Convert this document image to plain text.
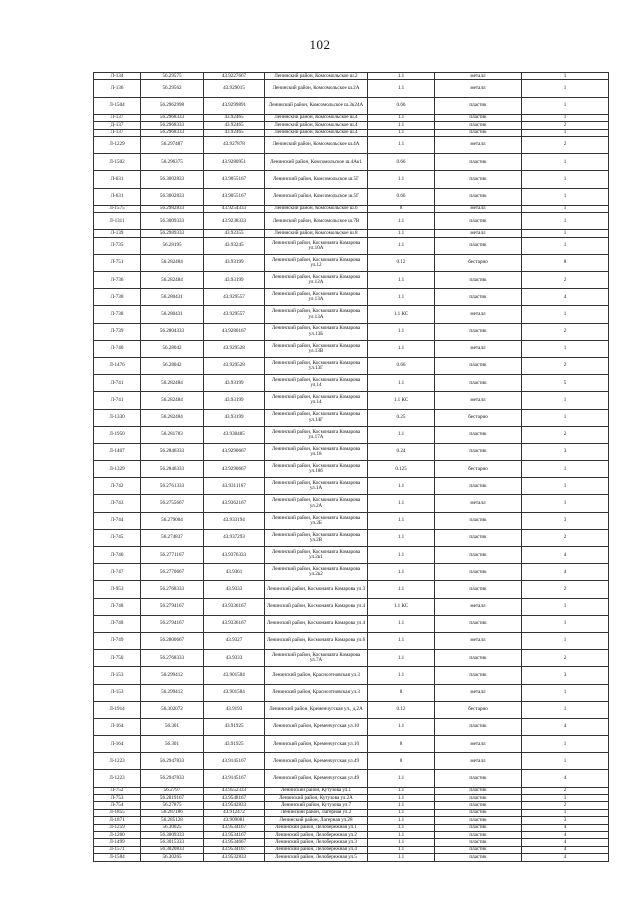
102
Л-134	56.29575	43.9227667	Ленинский район, Комсомольское ш.2	1.1	металл	1
Л-136	56.29562	43.929015	Ленинский район, Комсомольское ш.2А	1.1	металл	1
Л-1504	56.2962998	43.9299891	Ленинский район, Комсомольское ш.3к24А	0.66	пластик	1
Л-137	56.2968333	43.92465	Ленинский район, Комсомольское ш.4	1.1	пластик	1
Д-137	56.2968333	43.92465	Ленинский район, Комсомольское ш.4	1.1	пластик	2
Л-137	56.2968333	43.92465	Ленинский район, Комсомольское ш.4	1.1	пластик	1
Л-1229	56.297487	43.927878	Ленинский район, Комсомольское ш.4А	1.1	металл	2
Л-1502	56.296375	43.9280951	Ленинский район, Комсомольское ш.4Ак1	0.66	пластик	1
Л-631	56.3002833	43.9055167	Ленинский район, Комсомольское ш.5Г	1.1	пластик	1
Л-631	56.3002833	43.9055167	Ленинский район, Комсомольское ш.5Г	0.66	пластик	1
Л-1575	56.2982833	43.9254333	Ленинский район, Комсомольское ш.6	8	металл	1
Л-1311	56.3009333	43.9238333	Ленинский район, Комсомольское ш.7В	1.1	пластик	1
Л-139	56.2989333	43.92355	Ленинский район, Комсомольское ш.8	1.1	металл	1
Л-735	56.28195	43.93245	Ленинский район, Космонавта Комарова ул.10А	1.1	пластик	1
Л-751	56.282484	43.93199	Ленинский район, Космонавта Комарова ул.12	0.12	бестарно	8
Л-736	56.282484	43.93199	Ленинский район, Космонавта Комарова ул.12А	1.1	пластик	2
Л-738	56.280431	43.929557	Ленинский район, Космонавта Комарова ул.13А	1.1	пластик	4
Л-738	56.280431	43.929557	Ленинский район, Космонавта Комарова ул.13А	1.1 КС	металл	1
Л-739	56.2804333	43.9280167	Ленинский район, Космонавта Комарова ул.13Б	1.1	пластик	2
Л-740	56.28042	43.929528	Ленинский район, Космонавта Комарова ул.13В	1.1	металл	1
Л-1476	56.28042	43.929528	Ленинский район, Космонавта Комарова ул.13Г	0.66	пластик	2
Л-741	56.282484	43.93199	Ленинский район, Космонавта Комарова ул.14	1.1	пластик	5
Л-741	56.282484	43.93199	Ленинский район, Космонавта Комарова ул.14	1.1 КС	металл	1
Л-1330	56.282484	43.93199	Ленинский район, Космонавта Комарова ул.14Г	0.25	бестарно	1
Л-1950	56.281783	43.930485	Ленинский район, Космонавта Комарова ул.17А	1.1	пластик	2
Л-1407	56.2846333	43.9290667	Ленинский район, Космонавта Комарова ул.18	0.24	пластик	3
Л-1329	56.2846333	43.9290667	Ленинский район, Космонавта Комарова ул.18б	0.125	бестарно	1
Л-742	56.2761333	43.9311167	Ленинский район, Космонавта Комарова ул.1А	1.1	пластик	1
Л-743	56.2755667	43.9362167	Ленинский район, Космонавта Комарова ул.2А	1.1	металл	1
Л-744	56.279004	43.933194	Ленинский район, Космонавта Комарова ул.2Б	1.1	пластик	3
Л-745	56.274837	43.937293	Ленинский район, Космонавта Комарова ул.2В	1.1	пластик	2
Л-746	56.2771167	43.9376333	Ленинский район, Космонавта Комарова ул.2к1	1.1	пластик	4
Л-747	56.2770667	43.9361	Ленинский район, Космонавта Комарова ул.2к2	1.1	пластик	4
Л-953	56.2768333	43.9333	Ленинский район, Космонавта Комарова ул.3	1.1	пластик	2
Л-748	56.2794167	43.9336167	Ленинский район, Космонавта Комарова ул.4	1.1 КС	металл	1
Л-748	56.2794167	43.9336167	Ленинский район, Космонавта Комарова ул.4	1.1	пластик	1
Л-749	56.2800667	43.9327	Ленинский район, Космонавта Комарова ул.6	1.1	металл	1
Л-750	56.2768333	43.9333	Ленинский район, Космонавта Комарова ул.7А	1.1	пластик	2
Л-153	56.299412	43.901584	Ленинский район, Красноэтновская ул.3	1.1	пластик	3
Л-153	56.299412	43.901584	Ленинский район, Красноэтновская ул.3	8	металл	1
Л-1914	56.302072	43.9193	Ленинский район, Кременчугская ул., д.2А	0.12	бестарно	1
Л-164	56.301	43.91925	Ленинский район, Кременчугская ул.10	1.1	пластик	4
Л-164	56.301	43.91925	Ленинский район, Кременчугская ул.10	8	металл	1
Л-1223	56.2947833	43.9145167	Ленинский район, Кременчугская ул.49	8	металл	1
Л-1223	56.2947833	43.9145167	Ленинский район, Кременчугская ул.49	1.1	пластик	4
Л-752	56.2797	43.9552333	Ленинский район, Кутузова ул.1	1.1	пластик	2
Л-753	56.2819167	43.9548167	Ленинский район, Кутузова ул.2А	1.1	пластик	1
Л-754	56.27875	43.9542833	Ленинский район, Кутузова ул.7	1.1	пластик	2
Л-1855	56.287186	43.912472	Ленинский район, Лагерная ул.2	1.1	пластик	1
Л-1871	56.285128	43.909081	Ленинский район, Лагерная ул.28	1.1	пластик	3
Л-1259	56.30025	43.9534167	Ленинский район, Лелобережная ул.1	1.1	пластик	4
Л-1260	56.3009333	43.9534167	Ленинский район, Лелобережная ул.2	1.1	пластик	4
Л-1499	56.3015333	43.9534667	Ленинский район, Лелобережная ул.3	1.1	пластик	4
Л-1571	56.3020833	43.9534167	Ленинский район, Лелобережная ул.4	1.1	пластик	4
Л-1584	56.30265	43.9532833	Ленинский район, Лелобережная ул.5	1.1	пластик	4
